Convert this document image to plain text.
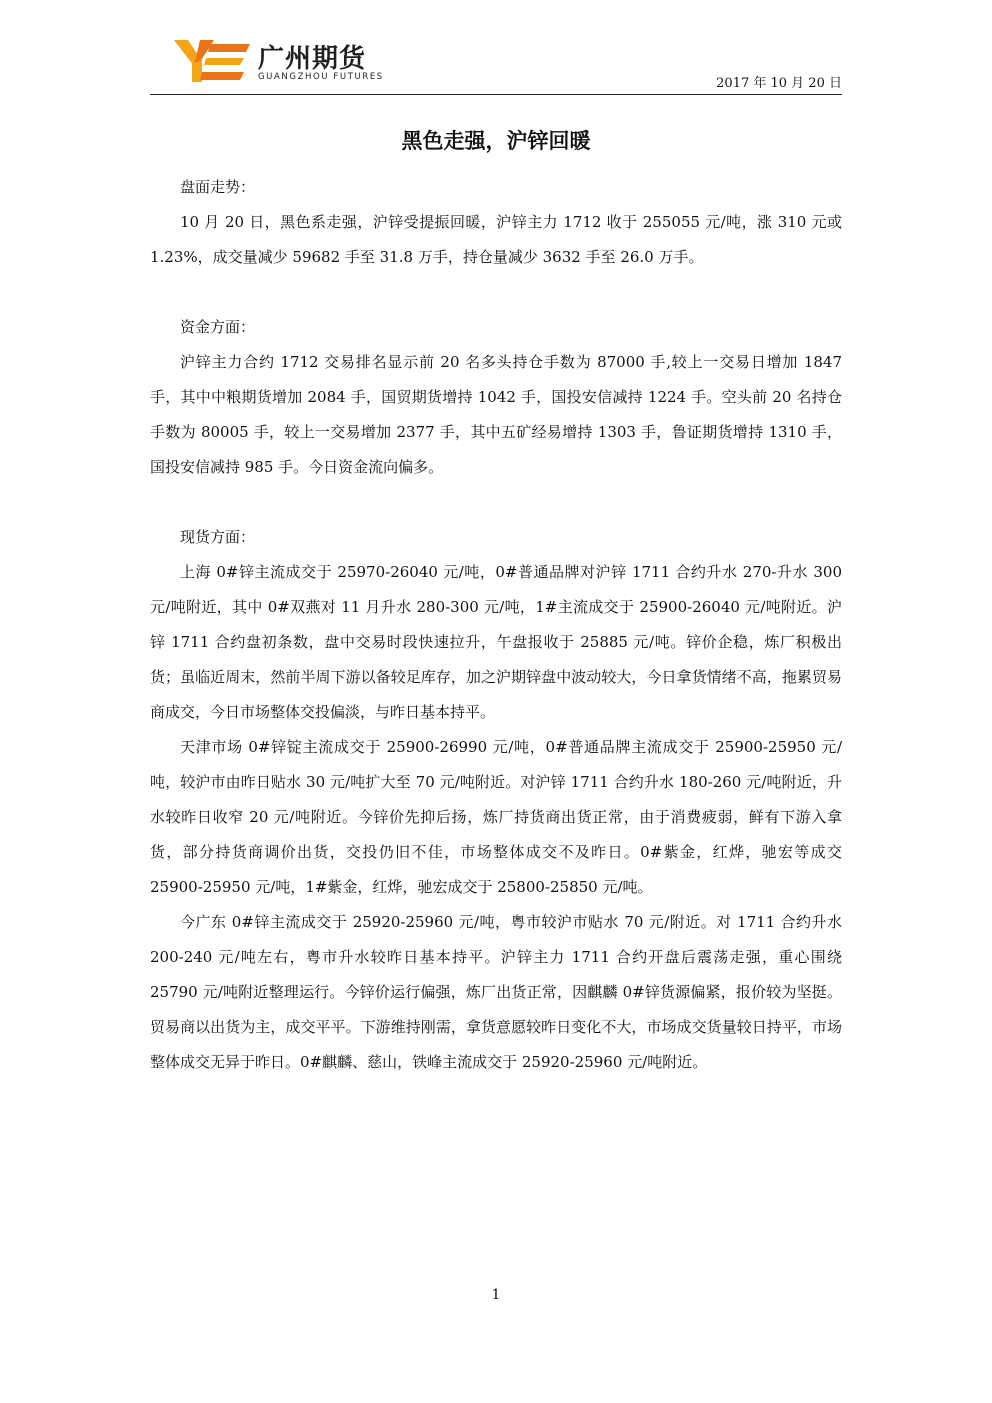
广州期货
GUANGZHOU FUTURES	2017 年 10 月 20 日
黑色走强，沪锌回暖

盘面走势：

10 月 20 日，黑色系走强，沪锌受提振回暖，沪锌主力 1712 收于 255055 元/吨，涨 310 元或 1.23%，成交量减少 59682 手至 31.8 万手，持仓量减少 3632 手至 26.0 万手。

资金方面：

沪锌主力合约 1712 交易排名显示前 20 名多头持仓手数为 87000 手,较上一交易日增加 1847 手，其中中粮期货增加 2084 手，国贸期货增持 1042 手，国投安信减持 1224 手。空头前 20 名持仓手数为 80005 手，较上一交易增加 2377 手，其中五矿经易增持 1303 手，鲁证期货增持 1310 手，国投安信减持 985 手。今日资金流向偏多。

现货方面：

上海 0#锌主流成交于 25970-26040 元/吨，0#普通品牌对沪锌 1711 合约升水 270-升水 300 元/吨附近，其中 0#双燕对 11 月升水 280-300 元/吨，1#主流成交于 25900-26040 元/吨附近。沪锌 1711 合约盘初条数，盘中交易时段快速拉升，午盘报收于 25885 元/吨。锌价企稳，炼厂积极出货；虽临近周末，然前半周下游以备较足库存，加之沪期锌盘中波动较大，今日拿货情绪不高，拖累贸易商成交，今日市场整体交投偏淡，与昨日基本持平。

天津市场 0#锌锭主流成交于 25900-26990 元/吨，0#普通品牌主流成交于 25900-25950 元/吨，较沪市由昨日贴水 30 元/吨扩大至 70 元/吨附近。对沪锌 1711 合约升水 180-260 元/吨附近，升水较昨日收窄 20 元/吨附近。今锌价先抑后扬，炼厂持货商出货正常，由于消费疲弱，鲜有下游入拿货，部分持货商调价出货，交投仍旧不佳，市场整体成交不及昨日。0#紫金，红烨，驰宏等成交 25900-25950 元/吨，1#紫金，红烨，驰宏成交于 25800-25850 元/吨。

今广东 0#锌主流成交于 25920-25960 元/吨，粤市较沪市贴水 70 元/附近。对 1711 合约升水 200-240 元/吨左右，粤市升水较昨日基本持平。沪锌主力 1711 合约开盘后震荡走强，重心围绕 25790 元/吨附近整理运行。今锌价运行偏强，炼厂出货正常，因麒麟 0#锌货源偏紧，报价较为坚挺。贸易商以出货为主，成交平平。下游维持刚需，拿货意愿较昨日变化不大，市场成交货量较日持平，市场整体成交无异于昨日。0#麒麟、慈山，铁峰主流成交于 25920-25960 元/吨附近。

1
